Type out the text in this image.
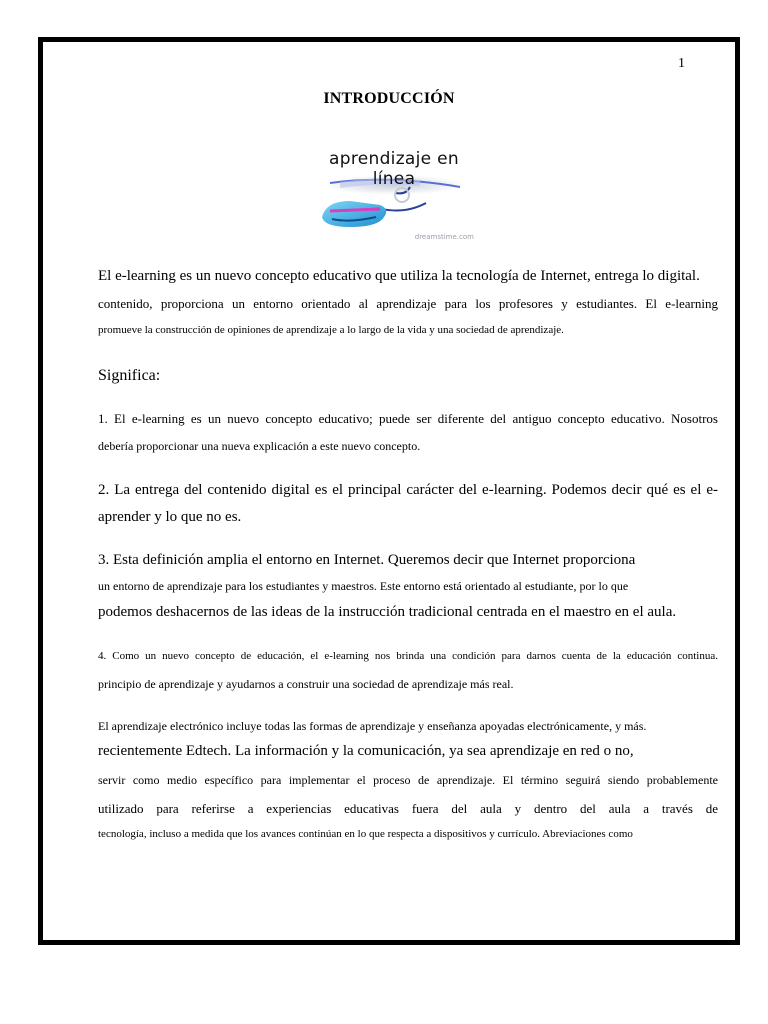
1
INTRODUCCIÓN
aprendizaje en línea
dreamstime.com

El e-learning es un nuevo concepto educativo que utiliza la tecnología de Internet, entrega lo digital.

contenido, proporciona un entorno orientado al aprendizaje para los profesores y estudiantes. El e-learning

promueve la construcción de opiniones de aprendizaje a lo largo de la vida y una sociedad de aprendizaje.

Significa:

1. El e-learning es un nuevo concepto educativo; puede ser diferente del antiguo concepto educativo. Nosotros

debería proporcionar una nueva explicación a este nuevo concepto.

2. La entrega del contenido digital es el principal carácter del e-learning. Podemos decir qué es el e-

aprender y lo que no es.

3. Esta definición amplia el entorno en Internet. Queremos decir que Internet proporciona

un entorno de aprendizaje para los estudiantes y maestros. Este entorno está orientado al estudiante, por lo que

podemos deshacernos de las ideas de la instrucción tradicional centrada en el maestro en el aula.

4. Como un nuevo concepto de educación, el e-learning nos brinda una condición para darnos cuenta de la educación continua.

principio de aprendizaje y ayudarnos a construir una sociedad de aprendizaje más real.

El aprendizaje electrónico incluye todas las formas de aprendizaje y enseñanza apoyadas electrónicamente, y más.

recientemente Edtech. La información y la comunicación, ya sea aprendizaje en red o no,

servir como medio específico para implementar el proceso de aprendizaje. El término seguirá siendo probablemente

utilizado para referirse a experiencias educativas fuera del aula y dentro del aula a través de

tecnología, incluso a medida que los avances continúan en lo que respecta a dispositivos y currículo. Abreviaciones como
